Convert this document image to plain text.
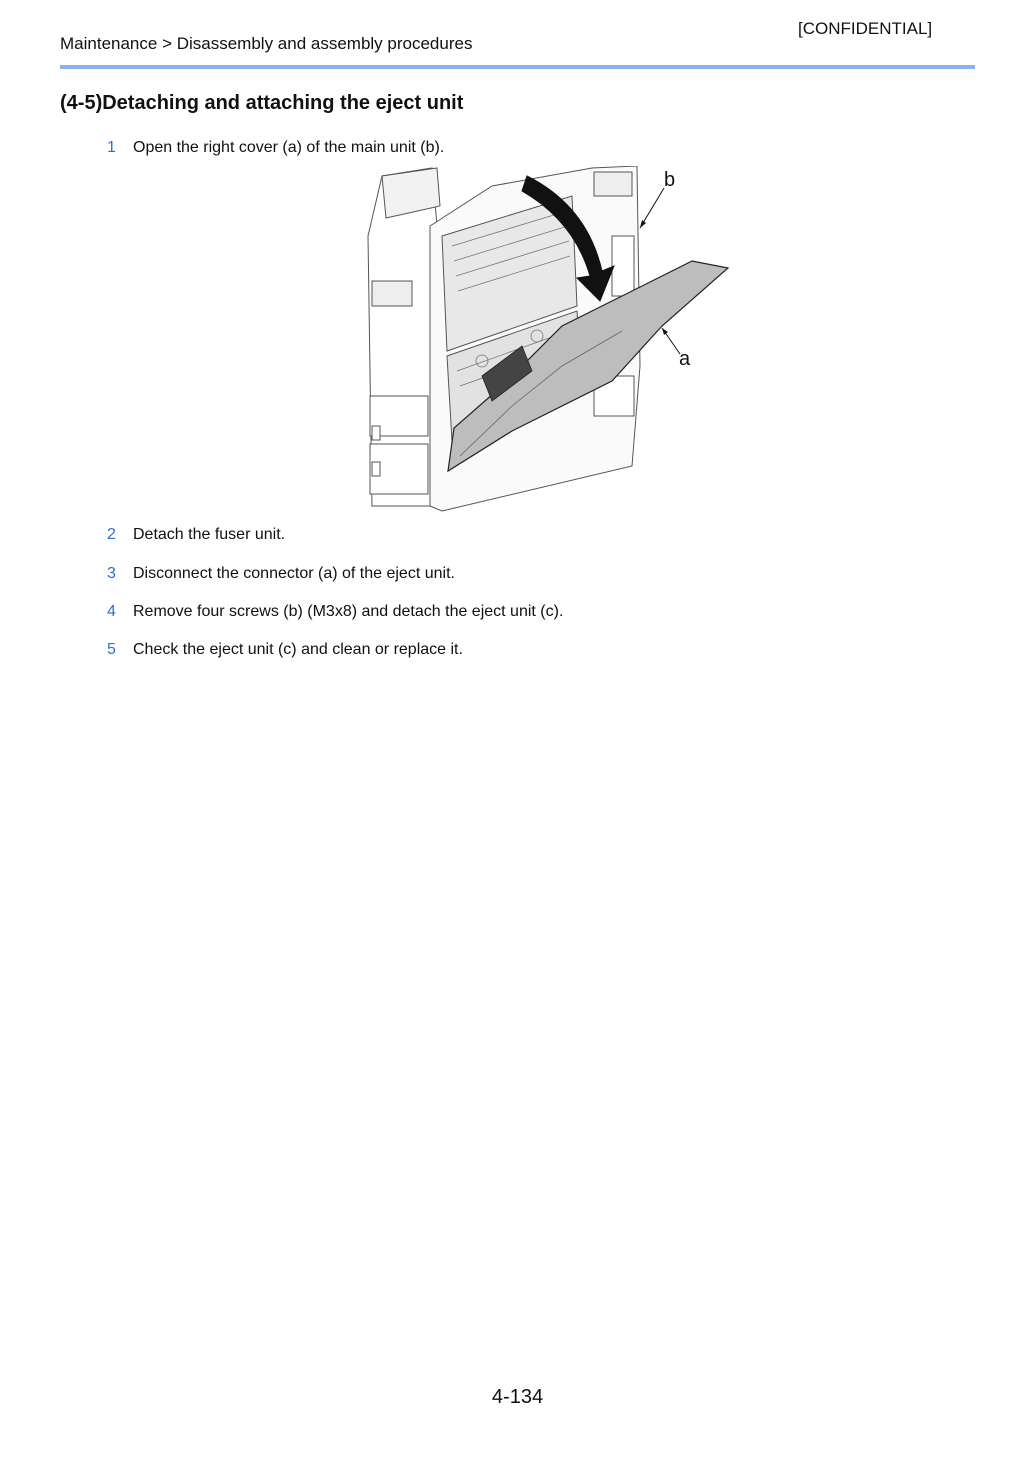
[CONFIDENTIAL]
Maintenance > Disassembly and assembly procedures
(4-5)Detaching and attaching the eject unit
1 Open the right cover (a) of the main unit (b).
b
a
2 Detach the fuser unit.
3 Disconnect the connector (a) of the eject unit.
4 Remove four screws (b) (M3x8) and detach the eject unit (c).
5 Check the eject unit (c) and clean or replace it.
4-134
